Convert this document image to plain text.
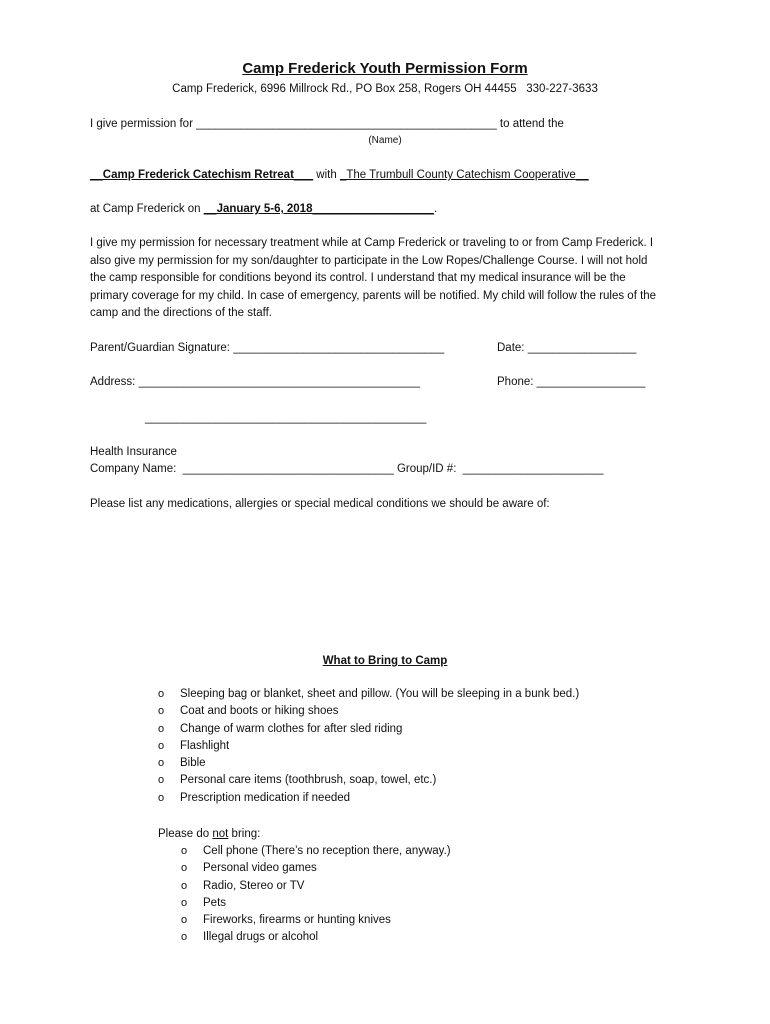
Camp Frederick Youth Permission Form
Camp Frederick, 6996 Millrock Rd., PO Box 258, Rogers OH 44455   330-227-3633
I give permission for _______________________________________________ to attend the
(Name)
__Camp Frederick Catechism Retreat___ with _The Trumbull County Catechism Cooperative__
at Camp Frederick on __January 5-6, 2018___________________.

I give my permission for necessary treatment while at Camp Frederick or traveling to or from Camp Frederick. I also give my permission for my son/daughter to participate in the Low Ropes/Challenge Course. I will not hold the camp responsible for conditions beyond its control. I understand that my medical insurance will be the primary coverage for my child. In case of emergency, parents will be notified. My child will follow the rules of the camp and the directions of the staff.

Parent/Guardian Signature: _________________________________	Date: _________________
Address: ____________________________________________	Phone: _________________
____________________________________________
Health Insurance
Company Name:  _________________________________ Group/ID #:  ______________________
Please list any medications, allergies or special medical conditions we should be aware of:
What to Bring to Camp
o Sleeping bag or blanket, sheet and pillow. (You will be sleeping in a bunk bed.)
o Coat and boots or hiking shoes
o Change of warm clothes for after sled riding
o Flashlight
o Bible
o Personal care items (toothbrush, soap, towel, etc.)
o Prescription medication if needed
Please do not bring:
o Cell phone (There’s no reception there, anyway.)
o Personal video games
o Radio, Stereo or TV
o Pets
o Fireworks, firearms or hunting knives
o Illegal drugs or alcohol
